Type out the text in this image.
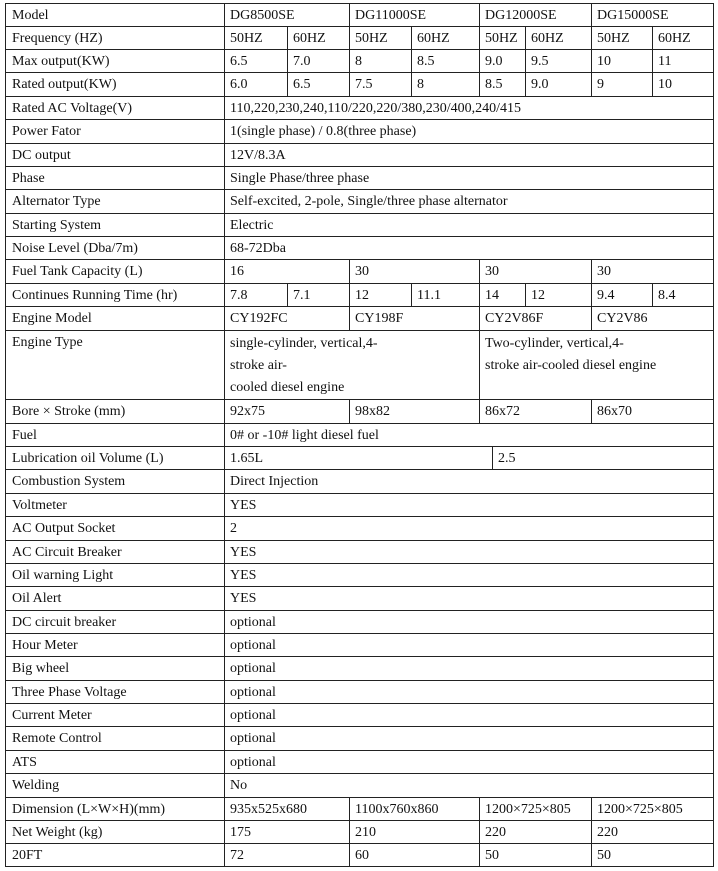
Model	DG8500SE	DG11000SE	DG12000SE	DG15000SE
Frequency (HZ)	50HZ	60HZ	50HZ	60HZ	50HZ 60HZ	50HZ	60HZ
Max output(KW)	6.5	7.0	8	8.5	9.0	9.5	10	11
Rated output(KW)	6.0	6.5	7.5	8	8.5	9.0	9	10
Rated AC Voltage(V)	110,220,230,240,110/220,220/380,230/400,240/415
Power Fator	1(single phase) / 0.8(three phase)
DC output	12V/8.3A
Phase	Single Phase/three phase
Alternator Type	Self-excited, 2-pole, Single/three phase alternator
Starting System	Electric
Noise Level (Dba/7m)	68-72Dba
Fuel Tank Capacity (L)	16	30	30	30
Continues Running Time (hr)	7.8	7.1	12	11.1	14	12	9.4	8.4
Engine Model	CY192FC	CY198F	CY2V86F	CY2V86
Engine Type	single-cylinder, vertical,4-
stroke air-
cooled diesel engine
Two-cylinder, vertical,4-
stroke air-cooled diesel engine
Bore × Stroke (mm)	92x75	98x82	86x72	86x70
Fuel	0# or -10# light diesel fuel
Lubrication oil Volume (L)	1.65L	2.5
Combustion System	Direct Injection
Voltmeter	YES
AC Output Socket	2
AC Circuit Breaker	YES
Oil warning Light	YES
Oil Alert	YES
DC circuit breaker	optional
Hour Meter	optional
Big wheel	optional
Three Phase Voltage	optional
Current Meter	optional
Remote Control	optional
ATS	optional
Welding	No
Dimension (L×W×H)(mm)	935x525x680	1100x760x860	1200×725×805	1200×725×805
Net Weight (kg)	175	210	220	220
20FT	72	60	50	50
